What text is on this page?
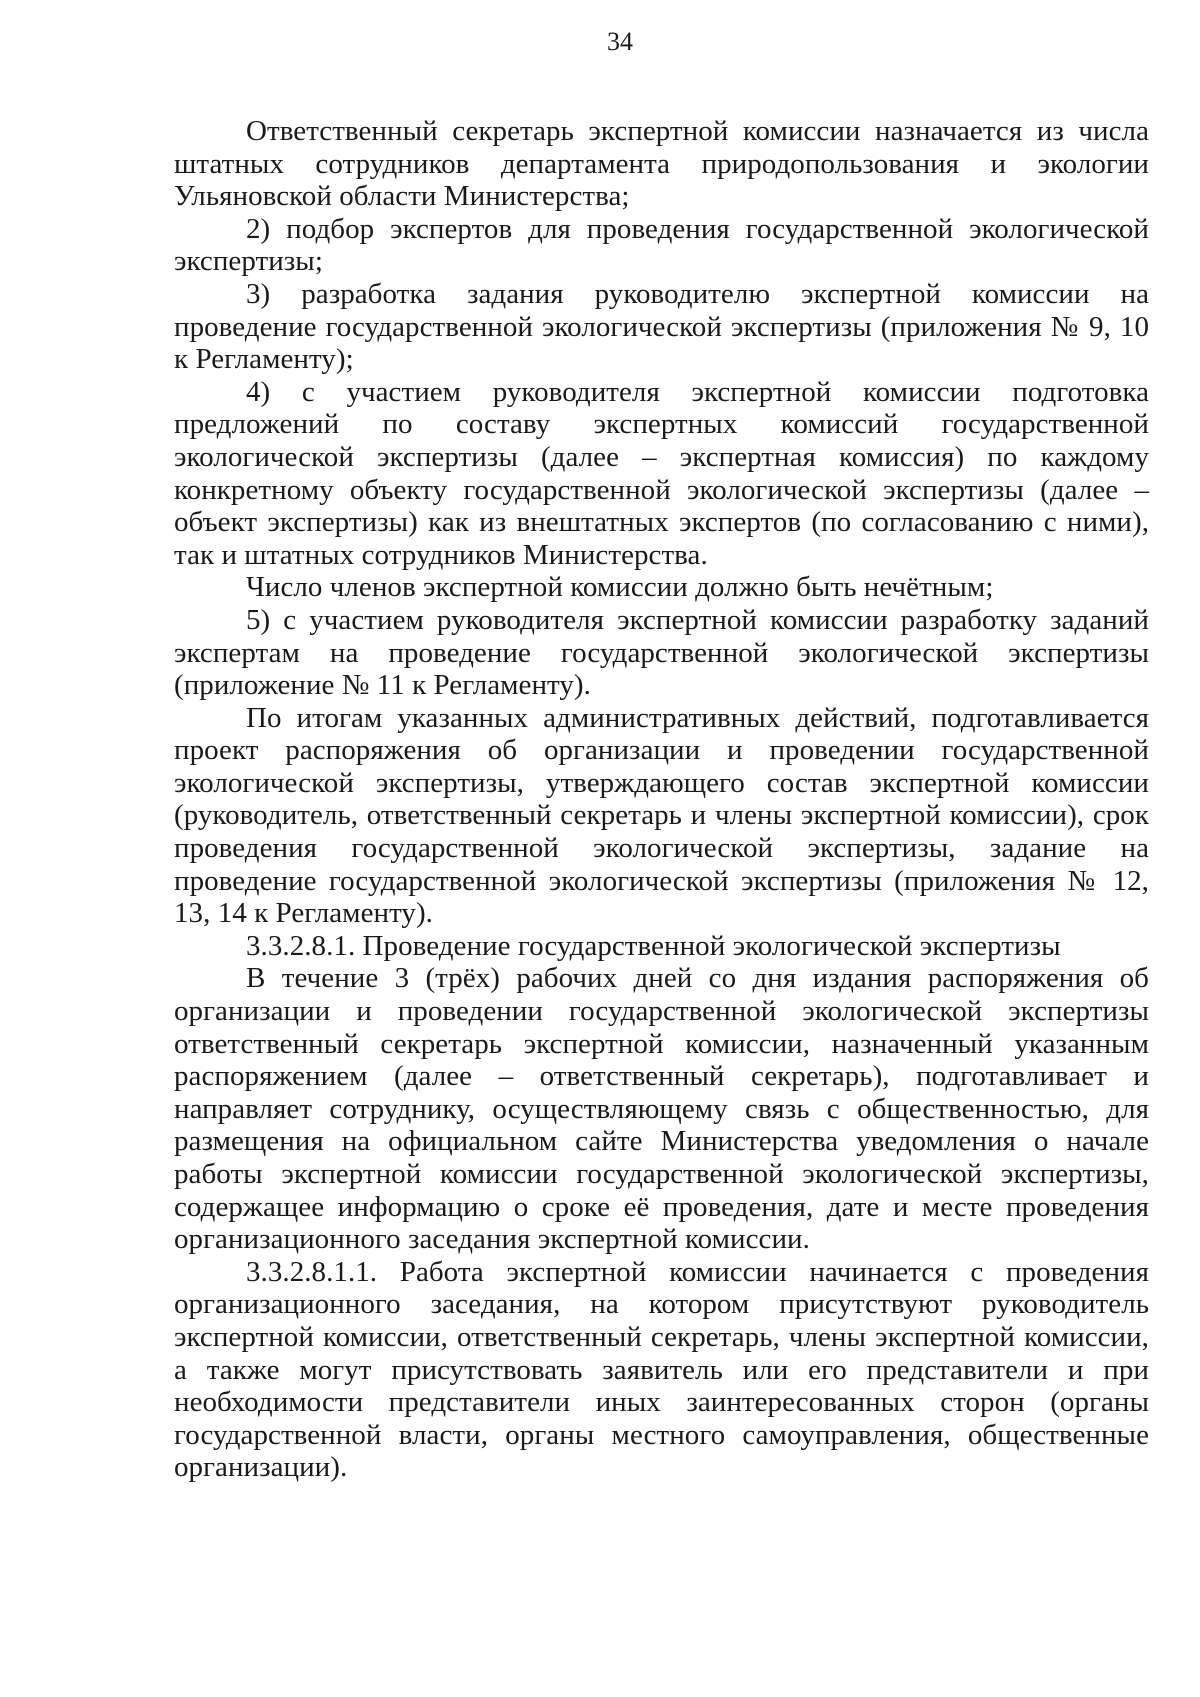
34

Ответственный секретарь экспертной комиссии назначается из числа штатных сотрудников департамента природопользования и экологии Ульяновской области Министерства;

2) подбор экспертов для проведения государственной экологической экспертизы;

3) разработка задания руководителю экспертной комиссии на проведение государственной экологической экспертизы (приложения № 9, 10 к Регламенту);

4) с участием руководителя экспертной комиссии подготовка предложений по составу экспертных комиссий государственной экологической экспертизы (далее – экспертная комиссия) по каждому конкретному объекту государственной экологической экспертизы (далее – объект экспертизы) как из внештатных экспертов (по согласованию с ними), так и штатных сотрудников Министерства.

Число членов экспертной комиссии должно быть нечётным;

5) с участием руководителя экспертной комиссии разработку заданий экспертам на проведение государственной экологической экспертизы (приложение № 11 к Регламенту).

По итогам указанных административных действий, подготавливается проект распоряжения об организации и проведении государственной экологической экспертизы, утверждающего состав экспертной комиссии (руководитель, ответственный секретарь и члены экспертной комиссии), срок проведения государственной экологической экспертизы, задание на проведение государственной экологической экспертизы (приложения № 12, 13, 14 к Регламенту).

3.3.2.8.1. Проведение государственной экологической экспертизы

В течение 3 (трёх) рабочих дней со дня издания распоряжения об организации и проведении государственной экологической экспертизы ответственный секретарь экспертной комиссии, назначенный указанным распоряжением (далее – ответственный секретарь), подготавливает и направляет сотруднику, осуществляющему связь с общественностью, для размещения на официальном сайте Министерства уведомления о начале работы экспертной комиссии государственной экологической экспертизы, содержащее информацию о сроке её проведения, дате и месте проведения организационного заседания экспертной комиссии.

3.3.2.8.1.1. Работа экспертной комиссии начинается с проведения организационного заседания, на котором присутствуют руководитель экспертной комиссии, ответственный секретарь, члены экспертной комиссии, а также могут присутствовать заявитель или его представители и при необходимости представители иных заинтересованных сторон (органы государственной власти, органы местного самоуправления, общественные организации).
